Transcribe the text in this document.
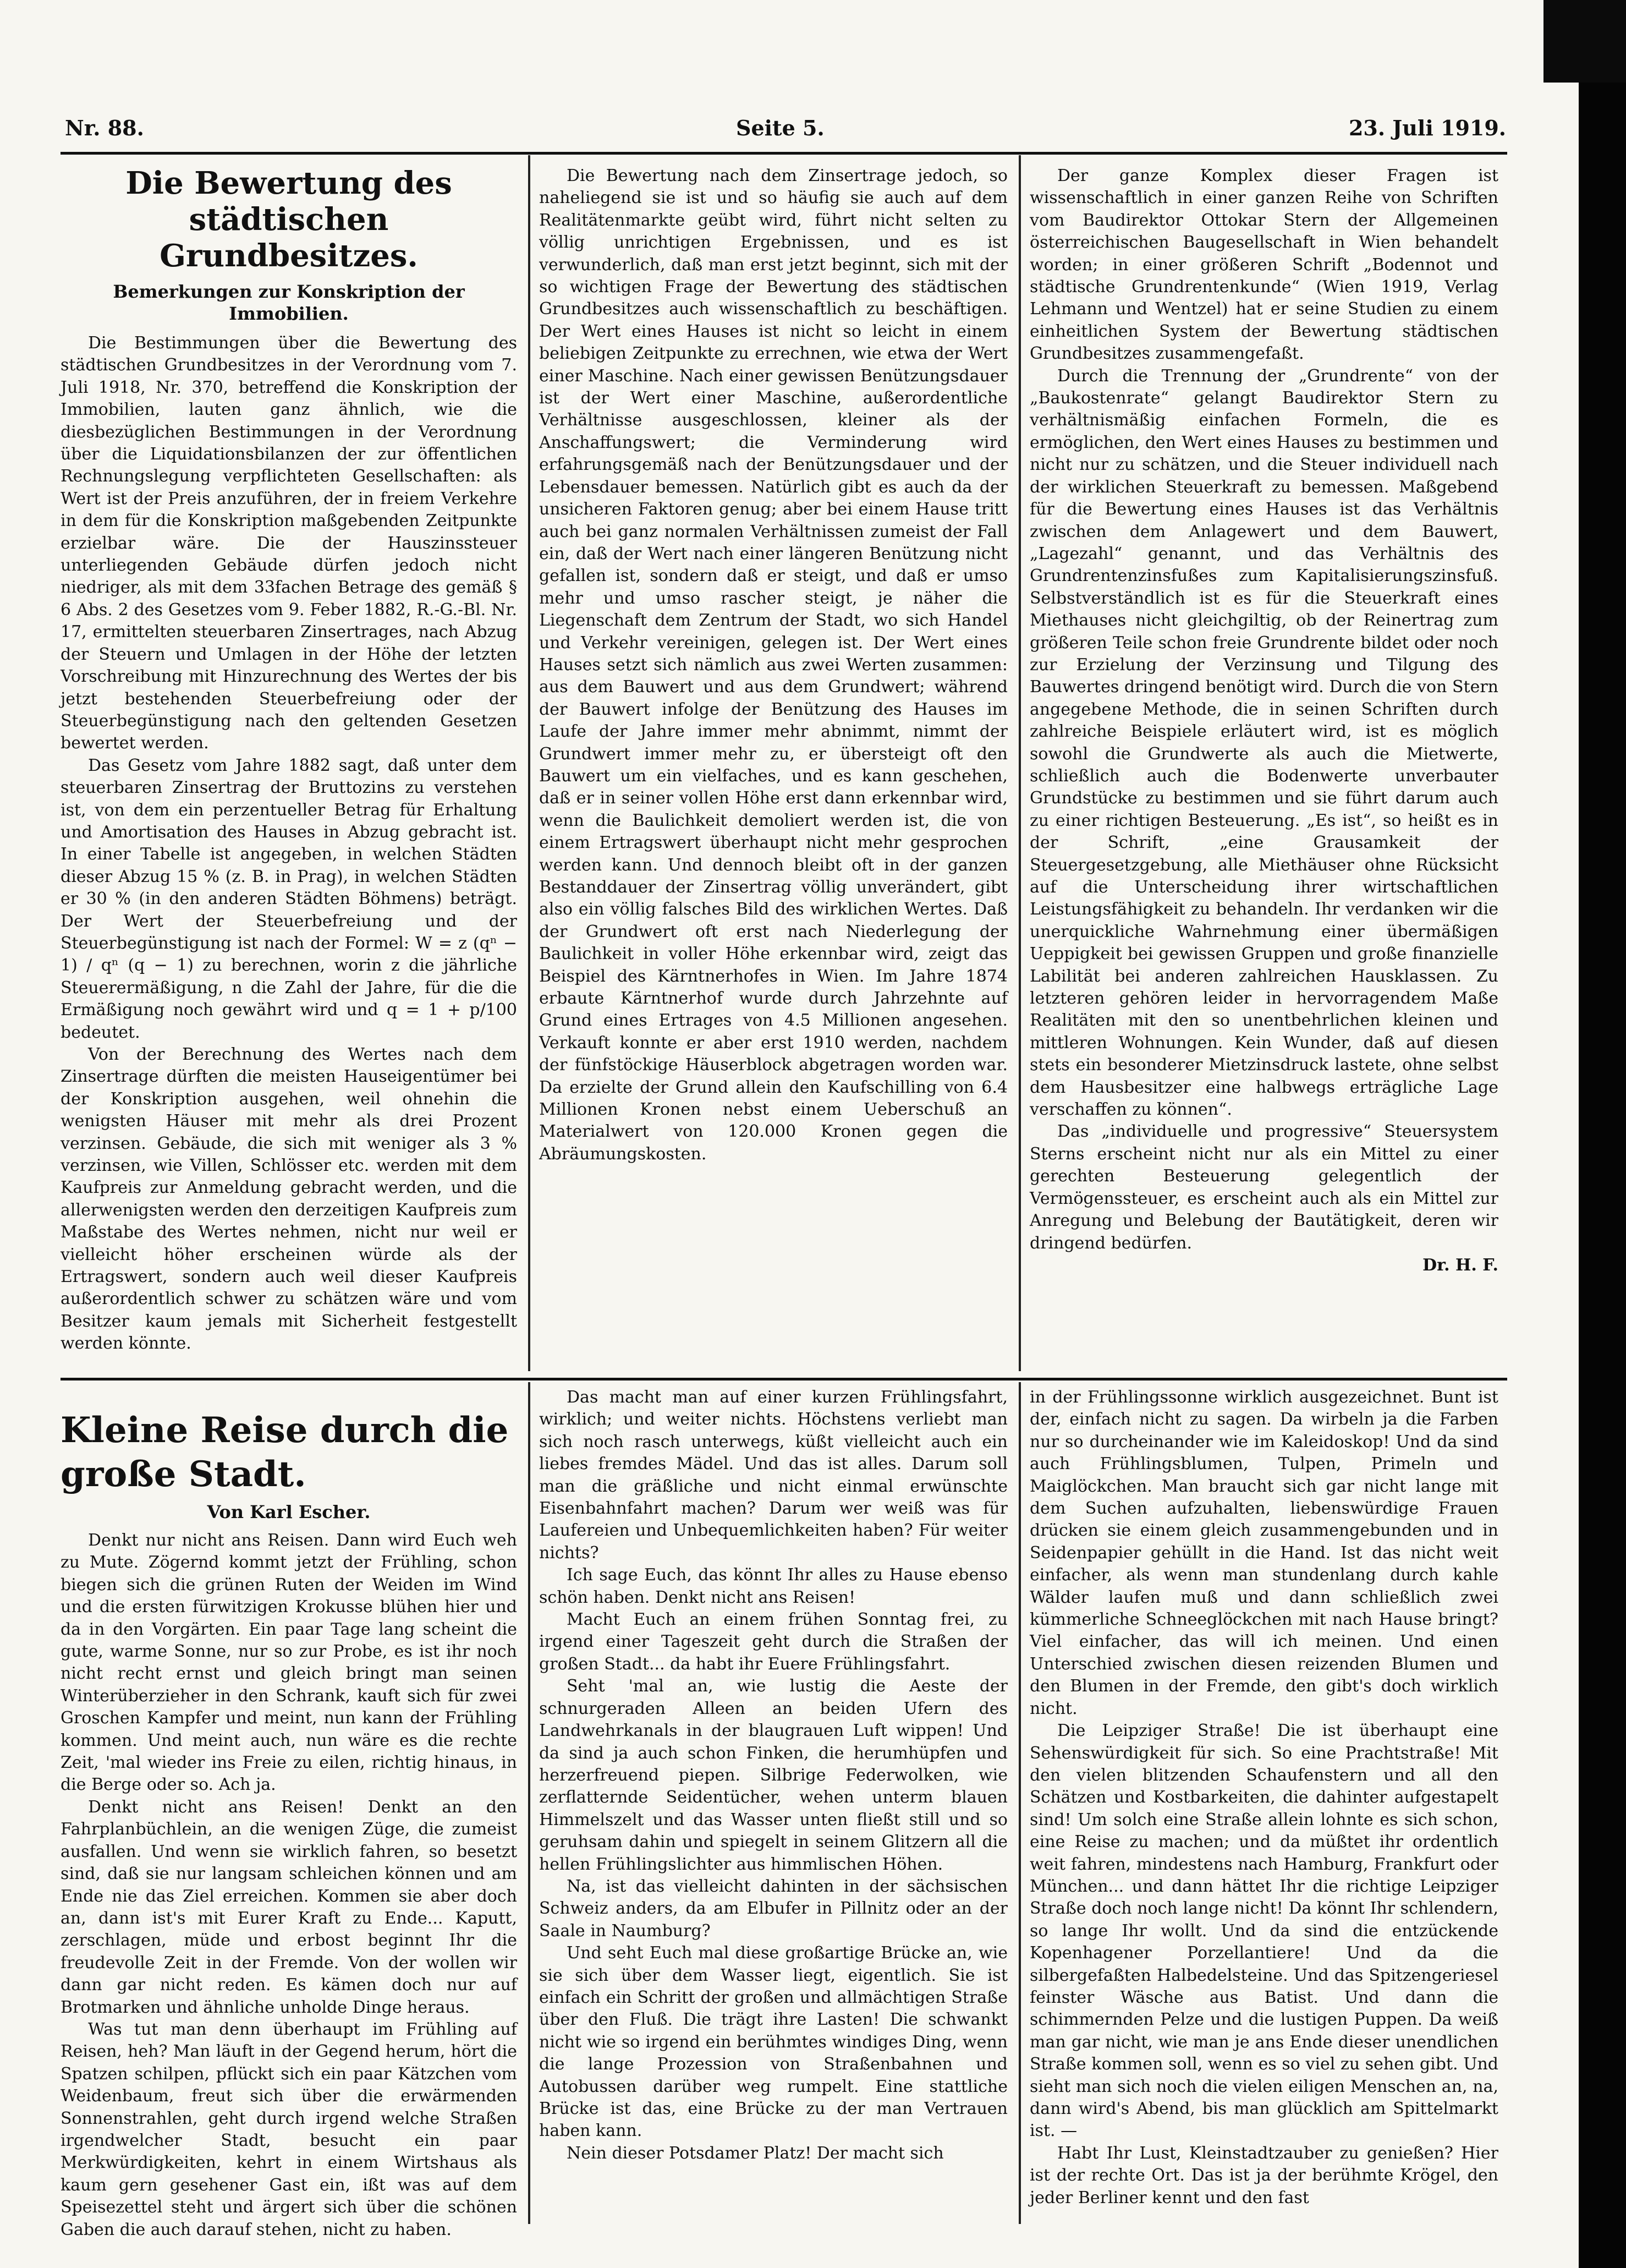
Nr. 88.	Seite 5.	23. Juli 1919.
Die Bewertung des städtischen Grundbesitzes.
Bemerkungen zur Konskription der Immobilien.

Die Bestimmungen über die Bewertung des städtischen Grundbesitzes in der Verordnung vom 7. Juli 1918, Nr. 370, betreffend die Konskription der Immobilien, lauten ganz ähnlich, wie die diesbezüglichen Bestimmungen in der Verordnung über die Liquidationsbilanzen der zur öffentlichen Rechnungslegung verpflichteten Gesellschaften: als Wert ist der Preis anzuführen, der in freiem Verkehre in dem für die Konskription maßgebenden Zeitpunkte erzielbar wäre. Die der Hauszinssteuer unterliegenden Gebäude dürfen jedoch nicht niedriger, als mit dem 33fachen Betrage des gemäß § 6 Abs. 2 des Gesetzes vom 9. Feber 1882, R.-G.-Bl. Nr. 17, ermittelten steuerbaren Zinsertrages, nach Abzug der Steuern und Umlagen in der Höhe der letzten Vorschreibung mit Hinzurechnung des Wertes der bis jetzt bestehenden Steuerbefreiung oder der Steuerbegünstigung nach den geltenden Gesetzen bewertet werden.

Das Gesetz vom Jahre 1882 sagt, daß unter dem steuerbaren Zinsertrag der Bruttozins zu verstehen ist, von dem ein perzentueller Betrag für Erhaltung und Amortisation des Hauses in Abzug gebracht ist. In einer Tabelle ist angegeben, in welchen Städten dieser Abzug 15 % (z. B. in Prag), in welchen Städten er 30 % (in den anderen Städten Böhmens) beträgt. Der Wert der Steuerbefreiung und der Steuerbegünstigung ist nach der Formel: W = z (qⁿ − 1) / qⁿ (q − 1) zu berechnen, worin z die jährliche Steuerermäßigung, n die Zahl der Jahre, für die die Ermäßigung noch gewährt wird und q = 1 + p/100 bedeutet.

Von der Berechnung des Wertes nach dem Zinsertrage dürften die meisten Hauseigentümer bei der Konskription ausgehen, weil ohnehin die wenigsten Häuser mit mehr als drei Prozent verzinsen. Gebäude, die sich mit weniger als 3 % verzinsen, wie Villen, Schlösser etc. werden mit dem Kaufpreis zur Anmeldung gebracht werden, und die allerwenigsten werden den derzeitigen Kaufpreis zum Maßstabe des Wertes nehmen, nicht nur weil er vielleicht höher erscheinen würde als der Ertragswert, sondern auch weil dieser Kaufpreis außerordentlich schwer zu schätzen wäre und vom Besitzer kaum jemals mit Sicherheit festgestellt werden könnte.

Die Bewertung nach dem Zinsertrage jedoch, so naheliegend sie ist und so häufig sie auch auf dem Realitätenmarkte geübt wird, führt nicht selten zu völlig unrichtigen Ergebnissen, und es ist verwunderlich, daß man erst jetzt beginnt, sich mit der so wichtigen Frage der Bewertung des städtischen Grundbesitzes auch wissenschaftlich zu beschäftigen. Der Wert eines Hauses ist nicht so leicht in einem beliebigen Zeitpunkte zu errechnen, wie etwa der Wert einer Maschine. Nach einer gewissen Benützungsdauer ist der Wert einer Maschine, außerordentliche Verhältnisse ausgeschlossen, kleiner als der Anschaffungswert; die Verminderung wird erfahrungsgemäß nach der Benützungsdauer und der Lebensdauer bemessen. Natürlich gibt es auch da der unsicheren Faktoren genug; aber bei einem Hause tritt auch bei ganz normalen Verhältnissen zumeist der Fall ein, daß der Wert nach einer längeren Benützung nicht gefallen ist, sondern daß er steigt, und daß er umso mehr und umso rascher steigt, je näher die Liegenschaft dem Zentrum der Stadt, wo sich Handel und Verkehr vereinigen, gelegen ist. Der Wert eines Hauses setzt sich nämlich aus zwei Werten zusammen: aus dem Bauwert und aus dem Grundwert; während der Bauwert infolge der Benützung des Hauses im Laufe der Jahre immer mehr abnimmt, nimmt der Grundwert immer mehr zu, er übersteigt oft den Bauwert um ein vielfaches, und es kann geschehen, daß er in seiner vollen Höhe erst dann erkennbar wird, wenn die Baulichkeit demoliert werden ist, die von einem Ertragswert überhaupt nicht mehr gesprochen werden kann. Und dennoch bleibt oft in der ganzen Bestanddauer der Zinsertrag völlig unverändert, gibt also ein völlig falsches Bild des wirklichen Wertes. Daß der Grundwert oft erst nach Niederlegung der Baulichkeit in voller Höhe erkennbar wird, zeigt das Beispiel des Kärntnerhofes in Wien. Im Jahre 1874 erbaute Kärntnerhof wurde durch Jahrzehnte auf Grund eines Ertrages von 4.5 Millionen angesehen. Verkauft konnte er aber erst 1910 werden, nachdem der fünfstöckige Häuserblock abgetragen worden war. Da erzielte der Grund allein den Kaufschilling von 6.4 Millionen Kronen nebst einem Ueberschuß an Materialwert von 120.000 Kronen gegen die Abräumungskosten.

Der ganze Komplex dieser Fragen ist wissenschaftlich in einer ganzen Reihe von Schriften vom Baudirektor Ottokar Stern der Allgemeinen österreichischen Baugesellschaft in Wien behandelt worden; in einer größeren Schrift „Bodennot und städtische Grundrentenkunde“ (Wien 1919, Verlag Lehmann und Wentzel) hat er seine Studien zu einem einheitlichen System der Bewertung städtischen Grundbesitzes zusammengefaßt.

Durch die Trennung der „Grundrente“ von der „Baukostenrate“ gelangt Baudirektor Stern zu verhältnismäßig einfachen Formeln, die es ermöglichen, den Wert eines Hauses zu bestimmen und nicht nur zu schätzen, und die Steuer individuell nach der wirklichen Steuerkraft zu bemessen. Maßgebend für die Bewertung eines Hauses ist das Verhältnis zwischen dem Anlagewert und dem Bauwert, „Lagezahl“ genannt, und das Verhältnis des Grundrentenzinsfußes zum Kapitalisierungszinsfuß. Selbstverständlich ist es für die Steuerkraft eines Miethauses nicht gleichgiltig, ob der Reinertrag zum größeren Teile schon freie Grundrente bildet oder noch zur Erzielung der Verzinsung und Tilgung des Bauwertes dringend benötigt wird. Durch die von Stern angegebene Methode, die in seinen Schriften durch zahlreiche Beispiele erläutert wird, ist es möglich sowohl die Grundwerte als auch die Mietwerte, schließlich auch die Bodenwerte unverbauter Grundstücke zu bestimmen und sie führt darum auch zu einer richtigen Besteuerung. „Es ist“, so heißt es in der Schrift, „eine Grausamkeit der Steuergesetzgebung, alle Miethäuser ohne Rücksicht auf die Unterscheidung ihrer wirtschaftlichen Leistungsfähigkeit zu behandeln. Ihr verdanken wir die unerquickliche Wahrnehmung einer übermäßigen Ueppigkeit bei gewissen Gruppen und große finanzielle Labilität bei anderen zahlreichen Hausklassen. Zu letzteren gehören leider in hervorragendem Maße Realitäten mit den so unentbehrlichen kleinen und mittleren Wohnungen. Kein Wunder, daß auf diesen stets ein besonderer Mietzinsdruck lastete, ohne selbst dem Hausbesitzer eine halbwegs erträgliche Lage verschaffen zu können“.

Das „individuelle und progressive“ Steuersystem Sterns erscheint nicht nur als ein Mittel zu einer gerechten Besteuerung gelegentlich der Vermögenssteuer, es erscheint auch als ein Mittel zur Anregung und Belebung der Bautätigkeit, deren wir dringend bedürfen.

Dr. H. F.

Kleine Reise durch die große Stadt.
Von Karl Escher.

Denkt nur nicht ans Reisen. Dann wird Euch weh zu Mute. Zögernd kommt jetzt der Frühling, schon biegen sich die grünen Ruten der Weiden im Wind und die ersten fürwitzigen Krokusse blühen hier und da in den Vorgärten. Ein paar Tage lang scheint die gute, warme Sonne, nur so zur Probe, es ist ihr noch nicht recht ernst und gleich bringt man seinen Winterüberzieher in den Schrank, kauft sich für zwei Groschen Kampfer und meint, nun kann der Frühling kommen. Und meint auch, nun wäre es die rechte Zeit, 'mal wieder ins Freie zu eilen, richtig hinaus, in die Berge oder so. Ach ja.

Denkt nicht ans Reisen! Denkt an den Fahrplanbüchlein, an die wenigen Züge, die zumeist ausfallen. Und wenn sie wirklich fahren, so besetzt sind, daß sie nur langsam schleichen können und am Ende nie das Ziel erreichen. Kommen sie aber doch an, dann ist's mit Eurer Kraft zu Ende... Kaputt, zerschlagen, müde und erbost beginnt Ihr die freudevolle Zeit in der Fremde. Von der wollen wir dann gar nicht reden. Es kämen doch nur auf Brotmarken und ähnliche unholde Dinge heraus.

Was tut man denn überhaupt im Frühling auf Reisen, heh? Man läuft in der Gegend herum, hört die Spatzen schilpen, pflückt sich ein paar Kätzchen vom Weidenbaum, freut sich über die erwärmenden Sonnenstrahlen, geht durch irgend welche Straßen irgendwelcher Stadt, besucht ein paar Merkwürdigkeiten, kehrt in einem Wirtshaus als kaum gern gesehener Gast ein, ißt was auf dem Speisezettel steht und ärgert sich über die schönen Gaben die auch darauf stehen, nicht zu haben.

Das macht man auf einer kurzen Frühlingsfahrt, wirklich; und weiter nichts. Höchstens verliebt man sich noch rasch unterwegs, küßt vielleicht auch ein liebes fremdes Mädel. Und das ist alles. Darum soll man die gräßliche und nicht einmal erwünschte Eisenbahnfahrt machen? Darum wer weiß was für Laufereien und Unbequemlichkeiten haben? Für weiter nichts?

Ich sage Euch, das könnt Ihr alles zu Hause ebenso schön haben. Denkt nicht ans Reisen!

Macht Euch an einem frühen Sonntag frei, zu irgend einer Tageszeit geht durch die Straßen der großen Stadt... da habt ihr Euere Frühlingsfahrt.

Seht 'mal an, wie lustig die Aeste der schnurgeraden Alleen an beiden Ufern des Landwehrkanals in der blaugrauen Luft wippen! Und da sind ja auch schon Finken, die herumhüpfen und herzerfreuend piepen. Silbrige Federwolken, wie zerflatternde Seidentücher, wehen unterm blauen Himmelszelt und das Wasser unten fließt still und so geruhsam dahin und spiegelt in seinem Glitzern all die hellen Frühlingslichter aus himmlischen Höhen.

Na, ist das vielleicht dahinten in der sächsischen Schweiz anders, da am Elbufer in Pillnitz oder an der Saale in Naumburg?

Und seht Euch mal diese großartige Brücke an, wie sie sich über dem Wasser liegt, eigentlich. Sie ist einfach ein Schritt der großen und allmächtigen Straße über den Fluß. Die trägt ihre Lasten! Die schwankt nicht wie so irgend ein berühmtes windiges Ding, wenn die lange Prozession von Straßenbahnen und Autobussen darüber weg rumpelt. Eine stattliche Brücke ist das, eine Brücke zu der man Vertrauen haben kann.

Nein dieser Potsdamer Platz! Der macht sich

in der Frühlingssonne wirklich ausgezeichnet. Bunt ist der, einfach nicht zu sagen. Da wirbeln ja die Farben nur so durcheinander wie im Kaleidoskop! Und da sind auch Frühlingsblumen, Tulpen, Primeln und Maiglöckchen. Man braucht sich gar nicht lange mit dem Suchen aufzuhalten, liebenswürdige Frauen drücken sie einem gleich zusammengebunden und in Seidenpapier gehüllt in die Hand. Ist das nicht weit einfacher, als wenn man stundenlang durch kahle Wälder laufen muß und dann schließlich zwei kümmerliche Schneeglöckchen mit nach Hause bringt? Viel einfacher, das will ich meinen. Und einen Unterschied zwischen diesen reizenden Blumen und den Blumen in der Fremde, den gibt's doch wirklich nicht.

Die Leipziger Straße! Die ist überhaupt eine Sehenswürdigkeit für sich. So eine Prachtstraße! Mit den vielen blitzenden Schaufenstern und all den Schätzen und Kostbarkeiten, die dahinter aufgestapelt sind! Um solch eine Straße allein lohnte es sich schon, eine Reise zu machen; und da müßtet ihr ordentlich weit fahren, mindestens nach Hamburg, Frankfurt oder München... und dann hättet Ihr die richtige Leipziger Straße doch noch lange nicht! Da könnt Ihr schlendern, so lange Ihr wollt. Und da sind die entzückende Kopenhagener Porzellantiere! Und da die silbergefaßten Halbedelsteine. Und das Spitzengeriesel feinster Wäsche aus Batist. Und dann die schimmernden Pelze und die lustigen Puppen. Da weiß man gar nicht, wie man je ans Ende dieser unendlichen Straße kommen soll, wenn es so viel zu sehen gibt. Und sieht man sich noch die vielen eiligen Menschen an, na, dann wird's Abend, bis man glücklich am Spittelmarkt ist. —

Habt Ihr Lust, Kleinstadtzauber zu genießen? Hier ist der rechte Ort. Das ist ja der berühmte Krögel, den jeder Berliner kennt und den fast
